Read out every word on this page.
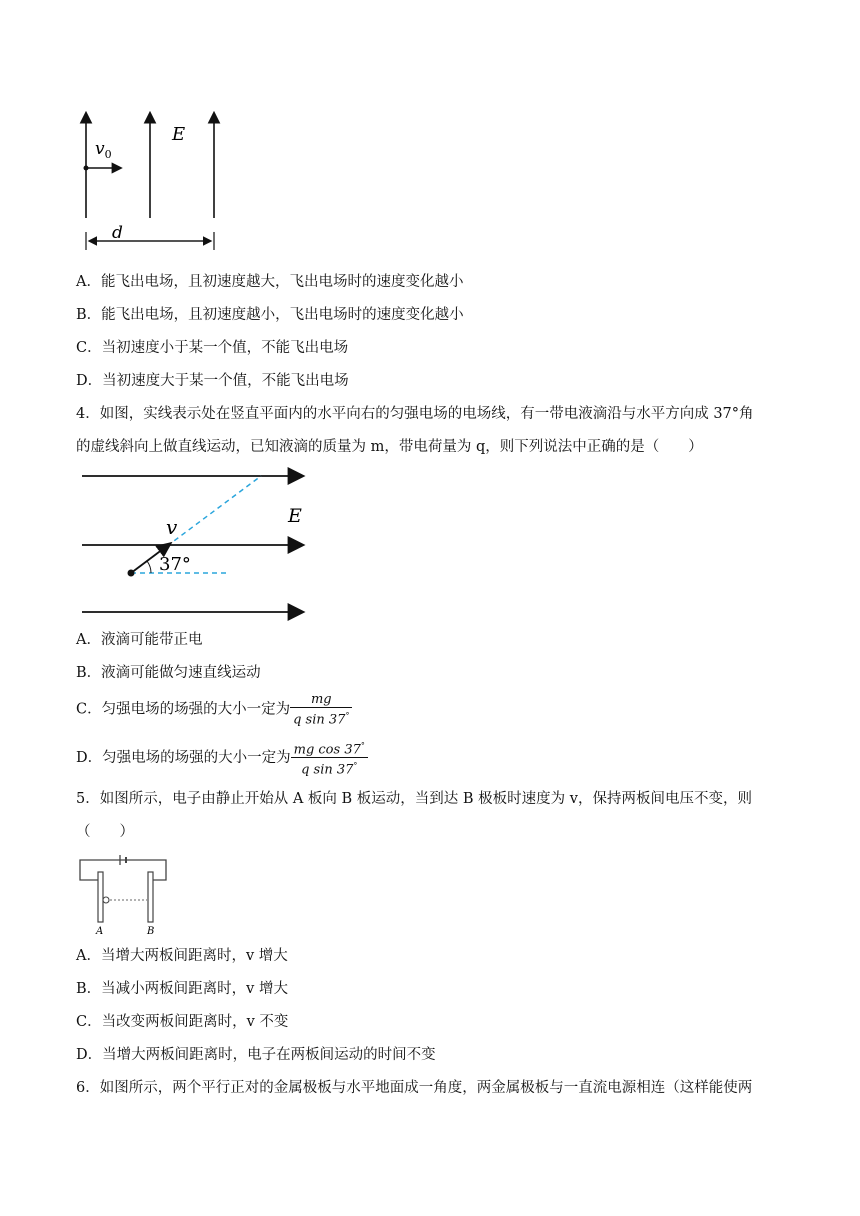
$v_0$
E
d
A．能飞出电场，且初速度越大，飞出电场时的速度变化越小
B．能飞出电场，且初速度越小，飞出电场时的速度变化越小
C．当初速度小于某一个值，不能飞出电场
D．当初速度大于某一个值，不能飞出电场
4．如图，实线表示处在竖直平面内的水平向右的匀强电场的电场线，有一带电液滴沿与水平方向成 37°角
的虚线斜向上做直线运动，已知液滴的质量为 m，带电荷量为 q，则下列说法中正确的是（　　）
v	E
37°
A．液滴可能带正电
B．液滴可能做匀速直线运动
C．匀强电场的场强的大小一定为 $\frac{mg}{q \sin 37^\circ}$
D．匀强电场的场强的大小一定为 $\frac{mg \cos 37^\circ}{q \sin 37^\circ}$
5．如图所示，电子由静止开始从 A 板向 B 板运动，当到达 B 极板时速度为 v，保持两板间电压不变，则
（　　）
A	B
A．当增大两板间距离时，v 增大
B．当减小两板间距离时，v 增大
C．当改变两板间距离时，v 不变
D．当增大两板间距离时，电子在两板间运动的时间不变
6．如图所示，两个平行正对的金属极板与水平地面成一角度，两金属极板与一直流电源相连（这样能使两
